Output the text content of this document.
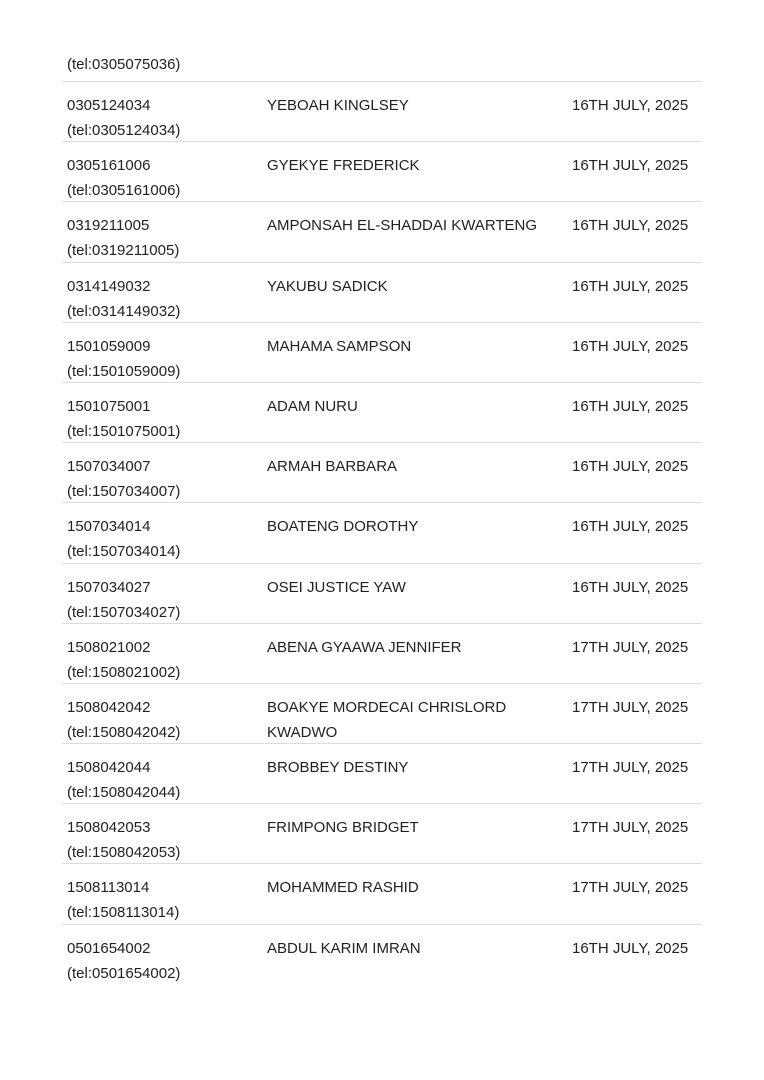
(tel:0305075036)
0305124034
(tel:0305124034)
YEBOAH KINGLSEY	16TH JULY, 2025
0305161006
(tel:0305161006)
GYEKYE FREDERICK	16TH JULY, 2025
0319211005
(tel:0319211005)
AMPONSAH EL-SHADDAI KWARTENG	16TH JULY, 2025
0314149032
(tel:0314149032)
YAKUBU SADICK	16TH JULY, 2025
1501059009
(tel:1501059009)
MAHAMA SAMPSON	16TH JULY, 2025
1501075001
(tel:1501075001)
ADAM NURU	16TH JULY, 2025
1507034007
(tel:1507034007)
ARMAH BARBARA	16TH JULY, 2025
1507034014
(tel:1507034014)
BOATENG DOROTHY	16TH JULY, 2025
1507034027
(tel:1507034027)
OSEI JUSTICE YAW	16TH JULY, 2025
1508021002
(tel:1508021002)
ABENA GYAAWA JENNIFER	17TH JULY, 2025
1508042042
(tel:1508042042)
BOAKYE MORDECAI CHRISLORD
KWADWO
17TH JULY, 2025
1508042044
(tel:1508042044)
BROBBEY DESTINY	17TH JULY, 2025
1508042053
(tel:1508042053)
FRIMPONG BRIDGET	17TH JULY, 2025
1508113014
(tel:1508113014)
MOHAMMED RASHID	17TH JULY, 2025
0501654002
(tel:0501654002)
ABDUL KARIM IMRAN	16TH JULY, 2025
